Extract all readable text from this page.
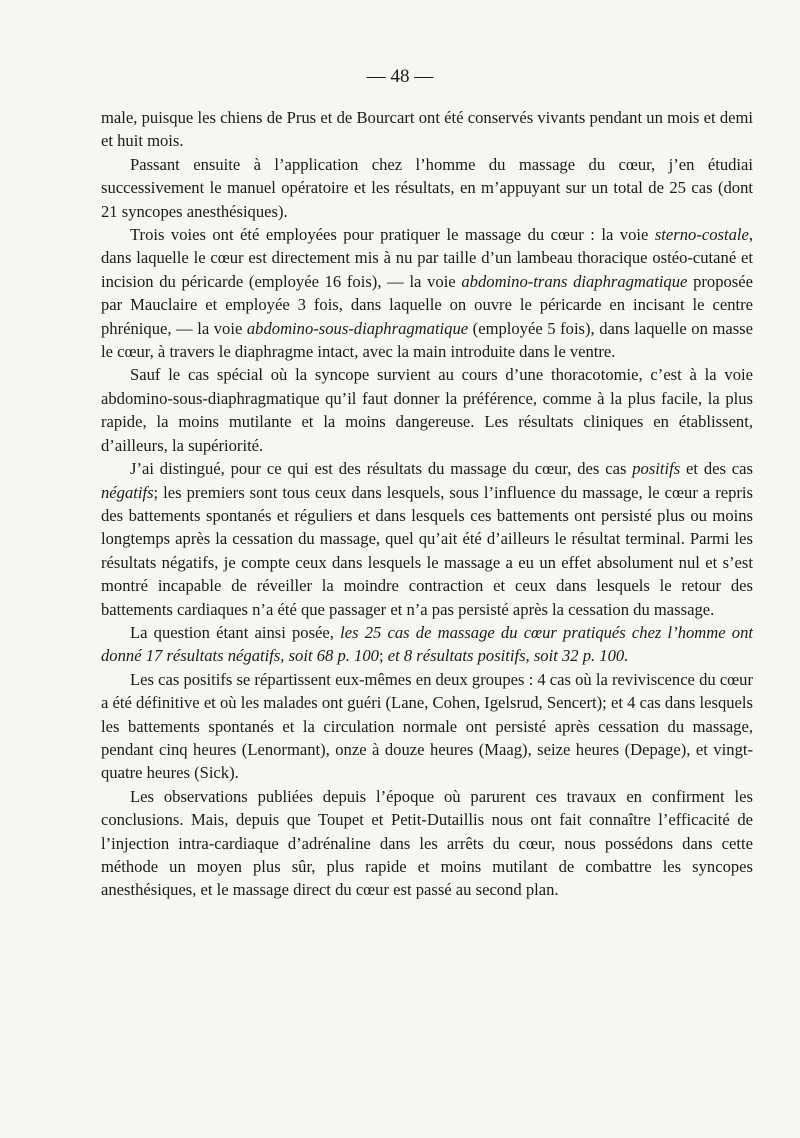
— 48 —

male, puisque les chiens de Prus et de Bourcart ont été conservés vivants pendant un mois et demi et huit mois.

Passant ensuite à l’application chez l’homme du massage du cœur, j’en étudiai successivement le manuel opératoire et les résultats, en m’appuyant sur un total de 25 cas (dont 21 syncopes anesthésiques).

Trois voies ont été employées pour pratiquer le massage du cœur : la voie sterno-costale, dans laquelle le cœur est directement mis à nu par taille d’un lambeau thoracique ostéo-cutané et incision du péricarde (employée 16 fois), — la voie abdomino-trans diaphragmatique proposée par Mauclaire et employée 3 fois, dans laquelle on ouvre le péricarde en incisant le centre phrénique, — la voie abdomino-sous-diaphragmatique (employée 5 fois), dans laquelle on masse le cœur, à travers le diaphragme intact, avec la main introduite dans le ventre.

Sauf le cas spécial où la syncope survient au cours d’une thoracotomie, c’est à la voie abdomino-sous-diaphragmatique qu’il faut donner la préférence, comme à la plus facile, la plus rapide, la moins mutilante et la moins dangereuse. Les résultats cliniques en établissent, d’ailleurs, la supériorité.

J’ai distingué, pour ce qui est des résultats du massage du cœur, des cas positifs et des cas négatifs; les premiers sont tous ceux dans lesquels, sous l’influence du massage, le cœur a repris des battements spontanés et réguliers et dans lesquels ces battements ont persisté plus ou moins longtemps après la cessation du massage, quel qu’ait été d’ailleurs le résultat terminal. Parmi les résultats négatifs, je compte ceux dans lesquels le massage a eu un effet absolument nul et s’est montré incapable de réveiller la moindre contraction et ceux dans lesquels le retour des battements cardiaques n’a été que passager et n’a pas persisté après la cessation du massage.

La question étant ainsi posée, les 25 cas de massage du cœur pratiqués chez l’homme ont donné 17 résultats négatifs, soit 68 p. 100; et 8 résultats positifs, soit 32 p. 100.

Les cas positifs se répartissent eux-mêmes en deux groupes : 4 cas où la reviviscence du cœur a été définitive et où les malades ont guéri (Lane, Cohen, Igelsrud, Sencert); et 4 cas dans lesquels les battements spontanés et la circulation normale ont persisté après cessation du massage, pendant cinq heures (Lenormant), onze à douze heures (Maag), seize heures (Depage), et vingt-quatre heures (Sick).

Les observations publiées depuis l’époque où parurent ces travaux en confirment les conclusions. Mais, depuis que Toupet et Petit-Dutaillis nous ont fait connaître l’efficacité de l’injection intra-cardiaque d’adrénaline dans les arrêts du cœur, nous possédons dans cette méthode un moyen plus sûr, plus rapide et moins mutilant de combattre les syncopes anesthésiques, et le massage direct du cœur est passé au second plan.
